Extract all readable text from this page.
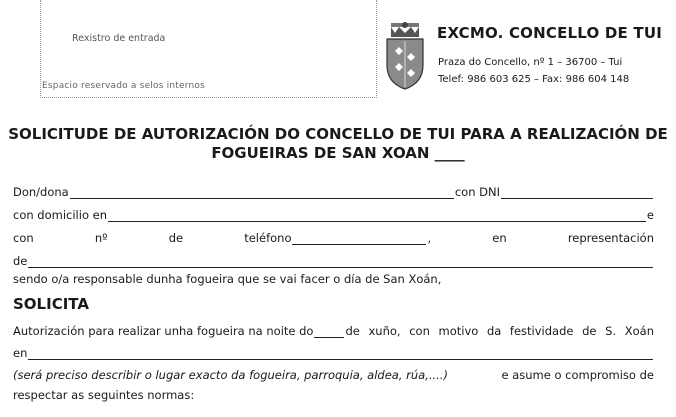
Rexistro de entrada
Espacio reservado a selos internos
EXCMO. CONCELLO DE TUI
Praza do Concello, nº 1 – 36700 – Tui
Telef: 986 603 625 – Fax: 986 604 148
SOLICITUDE DE AUTORIZACIÓN DO CONCELLO DE TUI PARA A REALIZACIÓN DE
FOGUEIRAS DE SAN XOAN ____
Don/dona	con DNI
con domicilio en	e
con	nº	de	teléfono	,	en	representación
de
sendo o/a responsable dunha fogueira que se vai facer o día de San Xoán,
SOLICITA
Autorización para realizar unha fogueira na noite do	de xuño, con motivo da festividade de S. Xoán
en
(será preciso describir o lugar exacto da fogueira, parroquia, aldea, rúa,....)	e asume o compromiso de
respectar as seguintes normas:
